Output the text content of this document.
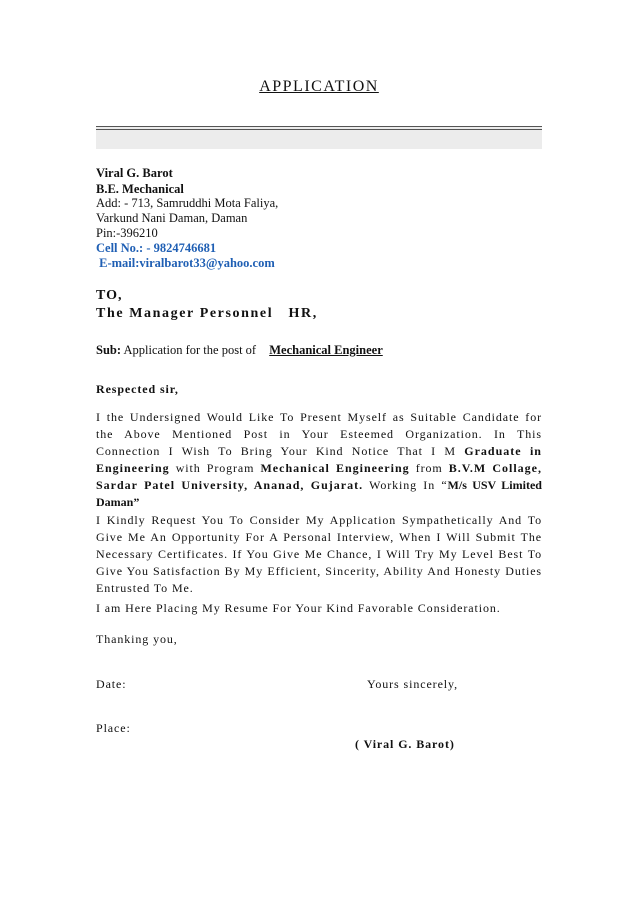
APPLICATION
Viral G. Barot
B.E. Mechanical
Add: - 713, Samruddhi Mota Faliya,
Varkund Nani Daman, Daman
Pin:-396210
Cell No.: - 9824746681
E-mail:viralbarot33@yahoo.com
TO,
The Manager Personnel   HR,
Sub: Application for the post of Mechanical Engineer
Respected sir,
I the Undersigned Would Like To Present Myself as Suitable Candidate for the Above Mentioned Post in Your Esteemed Organization. In This Connection I Wish To Bring Your Kind Notice That I M Graduate in Engineering with Program Mechanical Engineering from B.V.M Collage, Sardar Patel University, Ananad, Gujarat. Working In “M/s USV Limited Daman”
I Kindly Request You To Consider My Application Sympathetically And To Give Me An Opportunity For A Personal Interview, When I Will Submit The Necessary Certificates. If You Give Me Chance, I Will Try My Level Best To Give You Satisfaction By My Efficient, Sincerity, Ability And Honesty Duties Entrusted To Me.
I am Here Placing My Resume For Your Kind Favorable Consideration.
Thanking you,
Date:	Yours sincerely,
Place:
( Viral G. Barot)
